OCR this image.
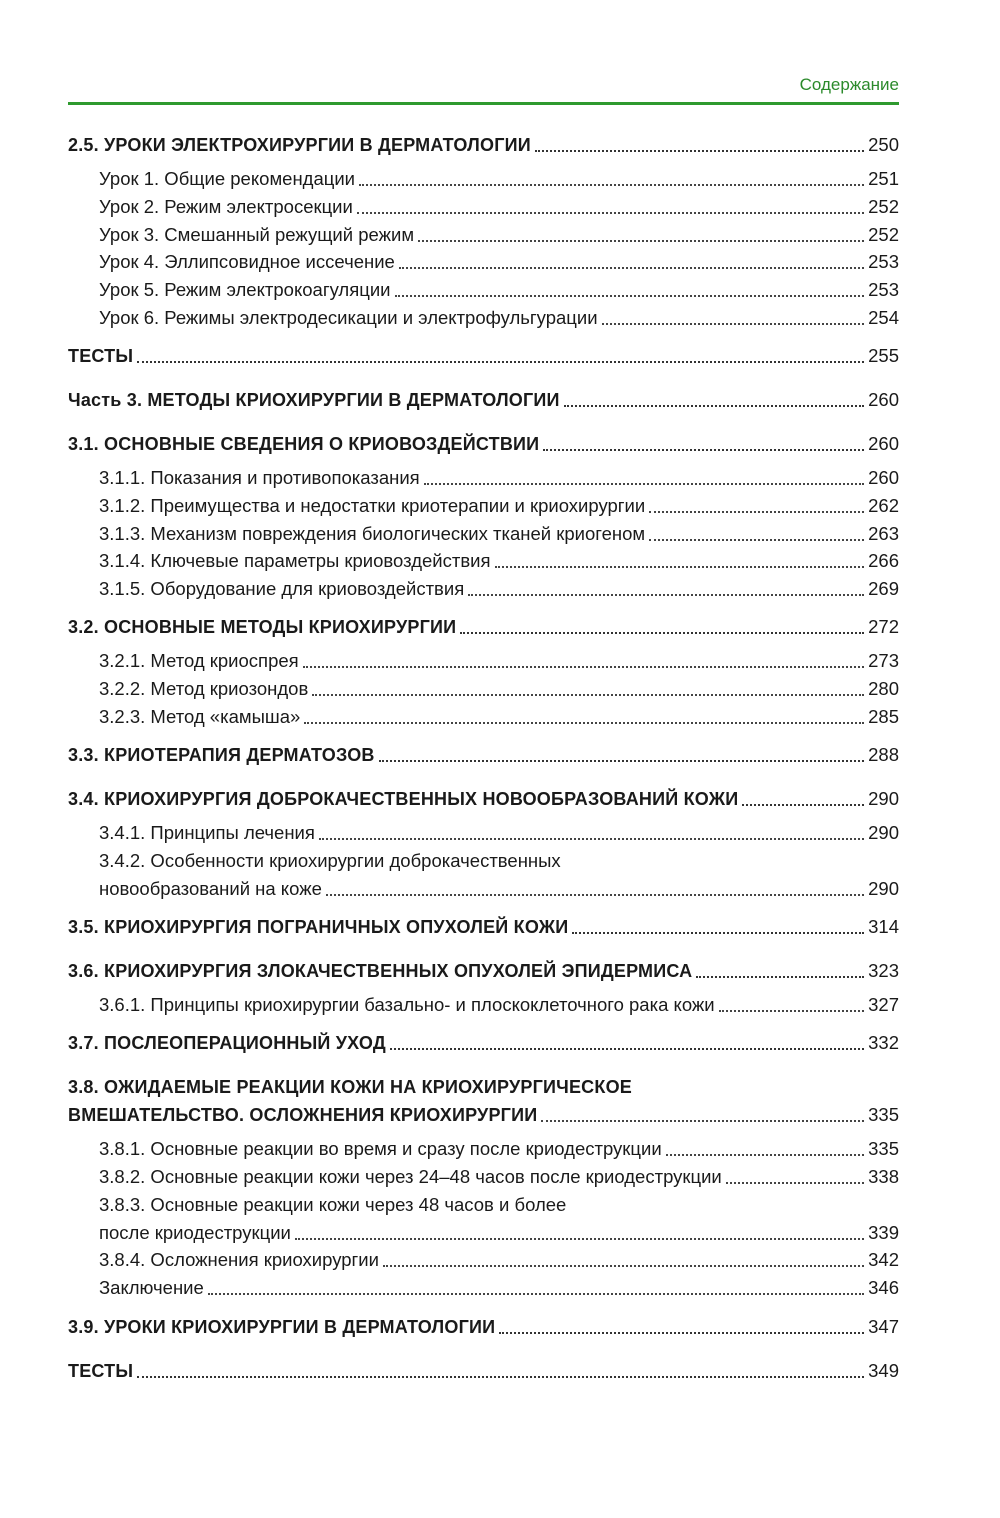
Содержание
2.5. УРОКИ ЭЛЕКТРОХИРУРГИИ В ДЕРМАТОЛОГИИ	250
Урок 1. Общие рекомендации	251
Урок 2. Режим электросекции	252
Урок 3. Смешанный режущий режим	252
Урок 4. Эллипсовидное иссечение	253
Урок 5. Режим электрокоагуляции	253
Урок 6. Режимы электродесикации и электрофульгурации	254
ТЕСТЫ	255
Часть 3. МЕТОДЫ КРИОХИРУРГИИ В ДЕРМАТОЛОГИИ	260
3.1. ОСНОВНЫЕ СВЕДЕНИЯ О КРИОВОЗДЕЙСТВИИ	260
3.1.1. Показания и противопоказания	260
3.1.2. Преимущества и недостатки криотерапии и криохирургии	262
3.1.3. Механизм повреждения биологических тканей криогеном	263
3.1.4. Ключевые параметры криовоздействия	266
3.1.5. Оборудование для криовоздействия	269
3.2. ОСНОВНЫЕ МЕТОДЫ КРИОХИРУРГИИ	272
3.2.1. Метод криоспрея	273
3.2.2. Метод криозондов	280
3.2.3. Метод «камыша»	285
3.3. КРИОТЕРАПИЯ ДЕРМАТОЗОВ	288
3.4. КРИОХИРУРГИЯ ДОБРОКАЧЕСТВЕННЫХ НОВООБРАЗОВАНИЙ КОЖИ	290
3.4.1. Принципы лечения	290
3.4.2. Особенности криохирургии доброкачественных
новообразований на коже	290
3.5. КРИОХИРУРГИЯ ПОГРАНИЧНЫХ ОПУХОЛЕЙ КОЖИ	314
3.6. КРИОХИРУРГИЯ ЗЛОКАЧЕСТВЕННЫХ ОПУХОЛЕЙ ЭПИДЕРМИСА	323
3.6.1. Принципы криохирургии базально- и плоскоклеточного рака кожи	327
3.7. ПОСЛЕОПЕРАЦИОННЫЙ УХОД	332
3.8. ОЖИДАЕМЫЕ РЕАКЦИИ КОЖИ НА КРИОХИРУРГИЧЕСКОЕ
ВМЕШАТЕЛЬСТВО. ОСЛОЖНЕНИЯ КРИОХИРУРГИИ	335
3.8.1. Основные реакции во время и сразу после криодеструкции	335
3.8.2. Основные реакции кожи через 24–48 часов после криодеструкции	338
3.8.3. Основные реакции кожи через 48 часов и более
после криодеструкции	339
3.8.4. Осложнения криохирургии	342
Заключение	346
3.9. УРОКИ КРИОХИРУРГИИ В ДЕРМАТОЛОГИИ	347
ТЕСТЫ	349
